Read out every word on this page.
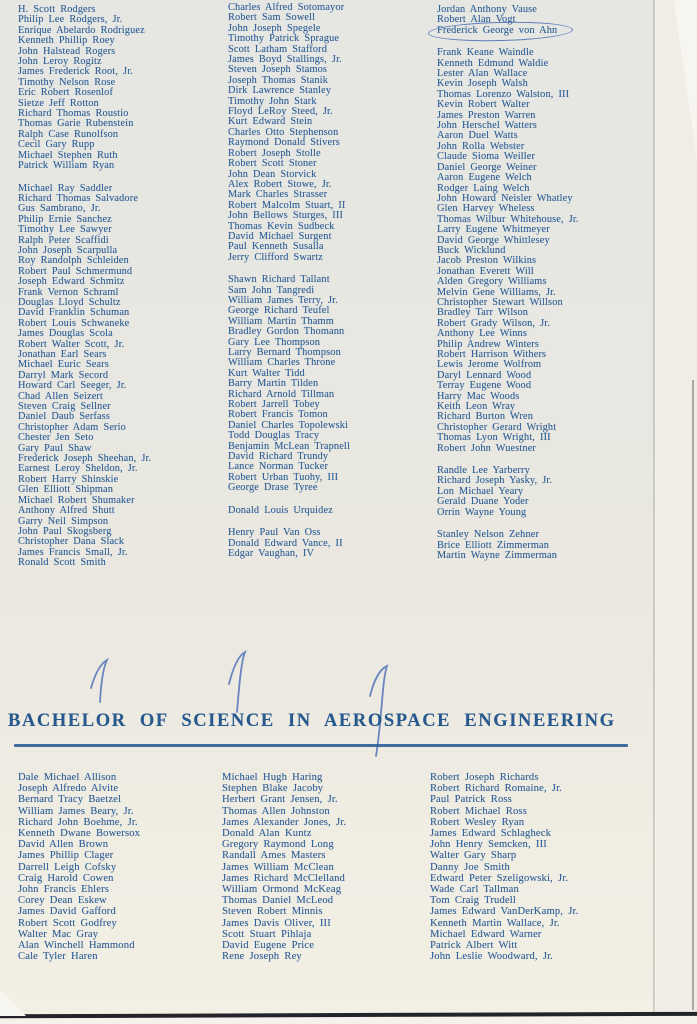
H. Scott Rodgers
Philip Lee Rodgers, Jr.
Enrique Abelardo Rodriguez
Kenneth Phillip Roey
John Halstead Rogers
John Leroy Rogitz
James Frederick Root, Jr.
Timothy Nelson Rose
Eric Robert Rosenlof
Sietze Jeff Rotton
Richard Thomas Roustio
Thomas Garie Rubenstein
Ralph Case Runolfson
Cecil Gary Rupp
Michael Stephen Ruth
Patrick William Ryan
Michael Ray Saddler
Richard Thomas Salvadore
Gus Sambrano, Jr.
Philip Ernie Sanchez
Timothy Lee Sawyer
Ralph Peter Scaffidi
John Joseph Scarpulla
Roy Randolph Schleiden
Robert Paul Schmermund
Joseph Edward Schmitz
Frank Vernon Schraml
Douglas Lloyd Schultz
David Franklin Schuman
Robert Louis Schwaneke
James Douglas Scola
Robert Walter Scott, Jr.
Jonathan Earl Sears
Michael Euric Sears
Darryl Mark Secord
Howard Carl Seeger, Jr.
Chad Allen Seizert
Steven Craig Sellner
Daniel Daub Serfass
Christopher Adam Serio
Chester Jen Seto
Gary Paul Shaw
Frederick Joseph Sheehan, Jr.
Earnest Leroy Sheldon, Jr.
Robert Harry Shinskie
Glen Elliott Shipman
Michael Robert Shumaker
Anthony Alfred Shutt
Garry Neil Simpson
John Paul Skogsberg
Christopher Dana Slack
James Francis Small, Jr.
Ronald Scott Smith
Charles Alfred Sotomayor
Robert Sam Sowell
John Joseph Spegele
Timothy Patrick Sprague
Scott Latham Stafford
James Boyd Stallings, Jr.
Steven Joseph Stamos
Joseph Thomas Stanik
Dirk Lawrence Stanley
Timothy John Stark
Floyd LeRoy Steed, Jr.
Kurt Edward Stein
Charles Otto Stephenson
Raymond Donald Stivers
Robert Joseph Stolle
Robert Scott Stoner
John Dean Storvick
Alex Robert Stowe, Jr.
Mark Charles Strasser
Robert Malcolm Stuart, II
John Bellows Sturges, III
Thomas Kevin Sudbeck
David Michael Surgent
Paul Kenneth Susalla
Jerry Clifford Swartz
Shawn Richard Tallant
Sam John Tangredi
William James Terry, Jr.
George Richard Teufel
William Martin Thamm
Bradley Gordon Thomann
Gary Lee Thompson
Larry Bernard Thompson
William Charles Throne
Kurt Walter Tidd
Barry Martin Tilden
Richard Arnold Tillman
Robert Jarrell Tobey
Robert Francis Tomon
Daniel Charles Topolewski
Todd Douglas Tracy
Benjamin McLean Trapnell
David Richard Trundy
Lance Norman Tucker
Robert Urban Tuohy, III
George Drase Tyree
Donald Louis Urquidez
Henry Paul Van Oss
Donald Edward Vance, II
Edgar Vaughan, IV
Jordan Anthony Vause
Robert Alan Vogt
Frederick George von Ahn
Frank Keane Waindle
Kenneth Edmund Waldie
Lester Alan Wallace
Kevin Joseph Walsh
Thomas Lorenzo Walston, III
Kevin Robert Walter
James Preston Warren
John Herschel Watters
Aaron Duel Watts
John Rolla Webster
Claude Sioma Weiller
Daniel George Weiner
Aaron Eugene Welch
Rodger Laing Welch
John Howard Neisler Whatley
Glen Harvey Wheless
Thomas Wilbur Whitehouse, Jr.
Larry Eugene Whitmeyer
David George Whittlesey
Buck Wicklund
Jacob Preston Wilkins
Jonathan Everett Will
Alden Gregory Williams
Melvin Gene Williams, Jr.
Christopher Stewart Willson
Bradley Tarr Wilson
Robert Grady Wilson, Jr.
Anthony Lee Winns
Philip Andrew Winters
Robert Harrison Withers
Lewis Jerome Wolfrom
Daryl Lennard Wood
Terray Eugene Wood
Harry Mac Woods
Keith Leon Wray
Richard Burton Wren
Christopher Gerard Wright
Thomas Lyon Wright, III
Robert John Wuestner
Randle Lee Yarberry
Richard Joseph Yasky, Jr.
Lon Michael Yeary
Gerald Duane Yoder
Orrin Wayne Young
Stanley Nelson Zehner
Brice Elliott Zimmerman
Martin Wayne Zimmerman
BACHELOR OF SCIENCE IN AEROSPACE ENGINEERING
Dale Michael Allison
Joseph Alfredo Alvite
Bernard Tracy Baetzel
William James Beary, Jr.
Richard John Boehme, Jr.
Kenneth Dwane Bowersox
David Allen Brown
James Phillip Clager
Darrell Leigh Cofsky
Craig Harold Cowen
John Francis Ehlers
Corey Dean Eskew
James David Gafford
Robert Scott Godfrey
Walter Mac Gray
Alan Winchell Hammond
Cale Tyler Haren
Michael Hugh Haring
Stephen Blake Jacoby
Herbert Grant Jensen, Jr.
Thomas Allen Johnston
James Alexander Jones, Jr.
Donald Alan Kuntz
Gregory Raymond Long
Randall Ames Masters
James William McClean
James Richard McClelland
William Ormond McKeag
Thomas Daniel McLeod
Steven Robert Minnis
James Davis Oliver, III
Scott Stuart Pihlaja
David Eugene Price
Rene Joseph Rey
Robert Joseph Richards
Robert Richard Romaine, Jr.
Paul Patrick Ross
Robert Michael Ross
Robert Wesley Ryan
James Edward Schlagheck
John Henry Semcken, III
Walter Gary Sharp
Danny Joe Smith
Edward Peter Szeligowski, Jr.
Wade Carl Tallman
Tom Craig Trudell
James Edward VanDerKamp, Jr.
Kenneth Martin Wallace, Jr.
Michael Edward Warner
Patrick Albert Witt
John Leslie Woodward, Jr.
